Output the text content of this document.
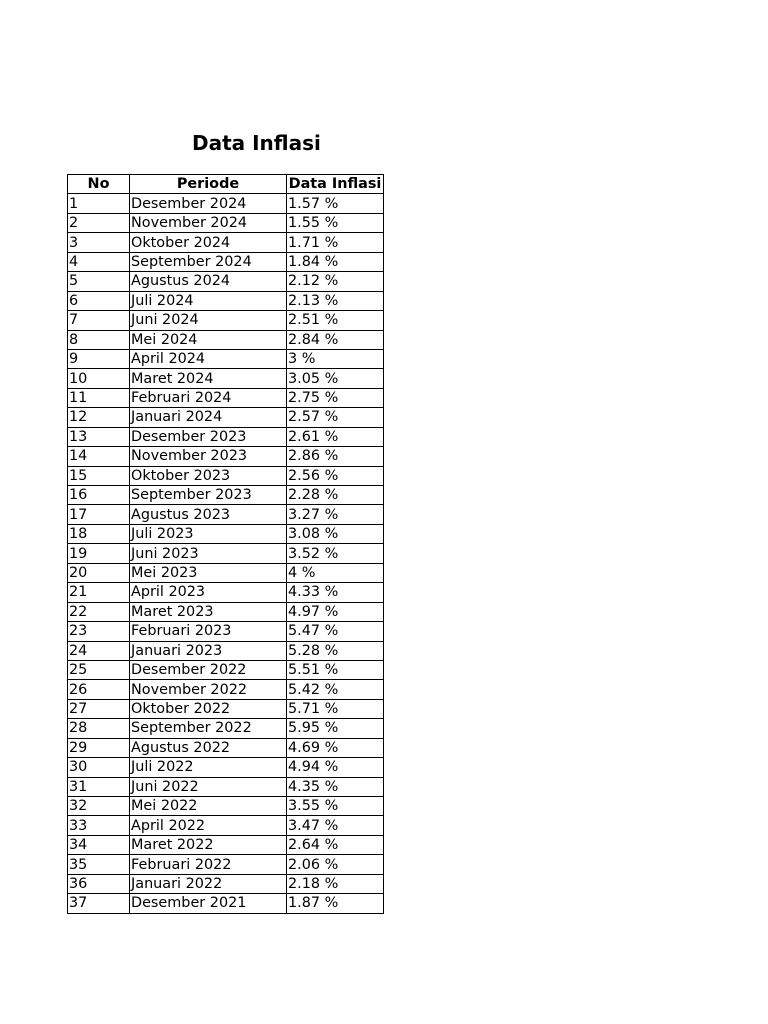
Data Inflasi
No	Periode	Data Inflasi
1	Desember 2024	1.57 %
2	November 2024	1.55 %
3	Oktober 2024	1.71 %
4	September 2024	1.84 %
5	Agustus 2024	2.12 %
6	Juli 2024	2.13 %
7	Juni 2024	2.51 %
8	Mei 2024	2.84 %
9	April 2024	3 %
10	Maret 2024	3.05 %
11	Februari 2024	2.75 %
12	Januari 2024	2.57 %
13	Desember 2023	2.61 %
14	November 2023	2.86 %
15	Oktober 2023	2.56 %
16	September 2023	2.28 %
17	Agustus 2023	3.27 %
18	Juli 2023	3.08 %
19	Juni 2023	3.52 %
20	Mei 2023	4 %
21	April 2023	4.33 %
22	Maret 2023	4.97 %
23	Februari 2023	5.47 %
24	Januari 2023	5.28 %
25	Desember 2022	5.51 %
26	November 2022	5.42 %
27	Oktober 2022	5.71 %
28	September 2022	5.95 %
29	Agustus 2022	4.69 %
30	Juli 2022	4.94 %
31	Juni 2022	4.35 %
32	Mei 2022	3.55 %
33	April 2022	3.47 %
34	Maret 2022	2.64 %
35	Februari 2022	2.06 %
36	Januari 2022	2.18 %
37	Desember 2021	1.87 %
